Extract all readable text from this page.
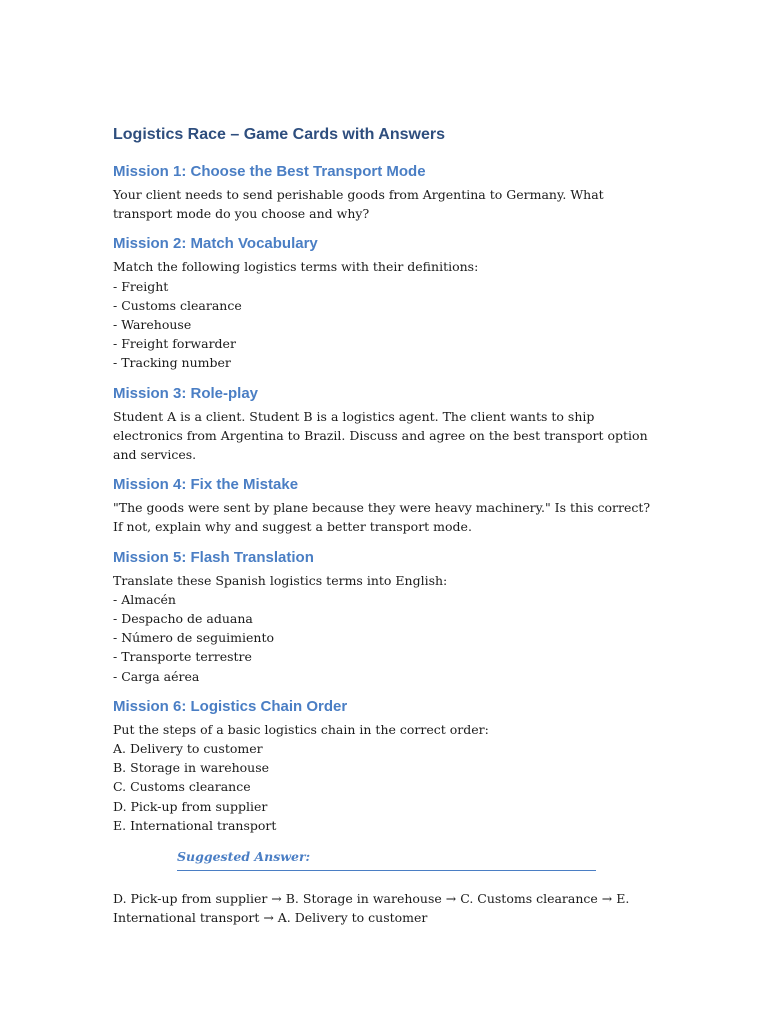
Logistics Race – Game Cards with Answers
Mission 1: Choose the Best Transport Mode

Your client needs to send perishable goods from Argentina to Germany. What transport mode do you choose and why?

Mission 2: Match Vocabulary

Match the following logistics terms with their definitions:

- Freight
- Customs clearance
- Warehouse
- Freight forwarder
- Tracking number
Mission 3: Role-play

Student A is a client. Student B is a logistics agent. The client wants to ship electronics from Argentina to Brazil. Discuss and agree on the best transport option and services.

Mission 4: Fix the Mistake

"The goods were sent by plane because they were heavy machinery." Is this correct? If not, explain why and suggest a better transport mode.

Mission 5: Flash Translation

Translate these Spanish logistics terms into English:

- Almacén
- Despacho de aduana
- Número de seguimiento
- Transporte terrestre
- Carga aérea
Mission 6: Logistics Chain Order

Put the steps of a basic logistics chain in the correct order:

A. Delivery to customer
B. Storage in warehouse
C. Customs clearance
D. Pick-up from supplier
E. International transport
Suggested Answer:

D. Pick-up from supplier → B. Storage in warehouse → C. Customs clearance → E. International transport → A. Delivery to customer
